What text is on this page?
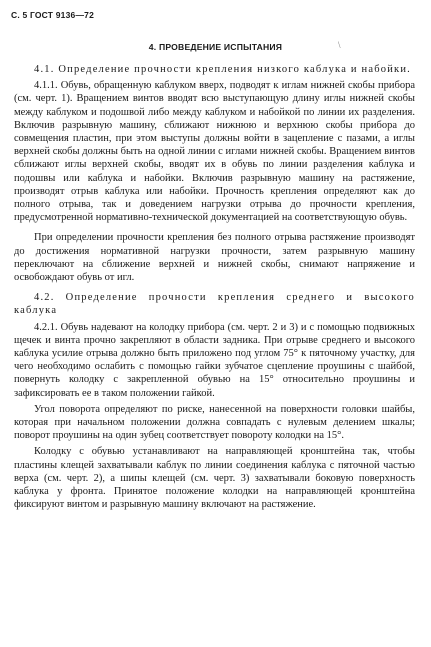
С. 5 ГОСТ 9136—72
4. ПРОВЕДЕНИЕ ИСПЫТАНИЯ	\

4.1. Определение прочности крепления низкого каблука и набойки.

4.1.1. Обувь, обращенную каблуком вверх, подводят к иглам нижней скобы прибора (см. черт. 1). Вращением винтов вводят всю выступающую длину иглы нижней скобы между каблуком и подошвой либо между каблуком и набойкой по линии их разделения. Включив разрывную машину, сближают нижнюю и верхнюю скобы прибора до совмещения пластин, при этом выступы должны войти в зацепление с пазами, а иглы верхней скобы должны быть на одной линии с иглами нижней скобы. Вращением винтов сближают иглы верхней скобы, вводят их в обувь по линии разделения каблука и подошвы или каблука и набойки. Включив разрывную машину на растяжение, производят отрыв каблука или набойки. Прочность крепления определяют как до полного отрыва, так и доведением нагрузки отрыва до прочности крепления, предусмотренной нормативно-технической документацией на соответствующую обувь.

При определении прочности крепления без полного отрыва растяжение производят до достижения нормативной нагрузки прочности, затем разрывную машину переключают на сближение верхней и нижней скобы, снимают напряжение и освобождают обувь от игл.

4.2. Определение прочности крепления среднего и высокого каблука

4.2.1. Обувь надевают на колодку прибора (см. черт. 2 и 3) и с помощью подвижных щечек и винта прочно закрепляют в области задника. При отрыве среднего и высокого каблука усилие отрыва должно быть приложено под углом 75° к пяточному участку, для чего необходимо ослабить с помощью гайки зубчатое сцепление проушины с шайбой, повернуть колодку с закрепленной обувью на 15° относительно проушины и зафиксировать ее в таком положении гайкой.

Угол поворота определяют по риске, нанесенной на поверхности головки шайбы, которая при начальном положении должна совпадать с нулевым делением шкалы; поворот проушины на один зубец соответствует повороту колодки на 15°.

Колодку с обувью устанавливают на направляющей кронштейна так, чтобы пластины клещей захватывали каблук по линии соединения каблука с пяточной частью верха (см. черт. 2), а шипы клещей (см. черт. 3) захватывали боковую поверхность каблука у фронта. Принятое положение колодки на направляющей кронштейна фиксируют винтом и разрывную машину включают на растяжение.
